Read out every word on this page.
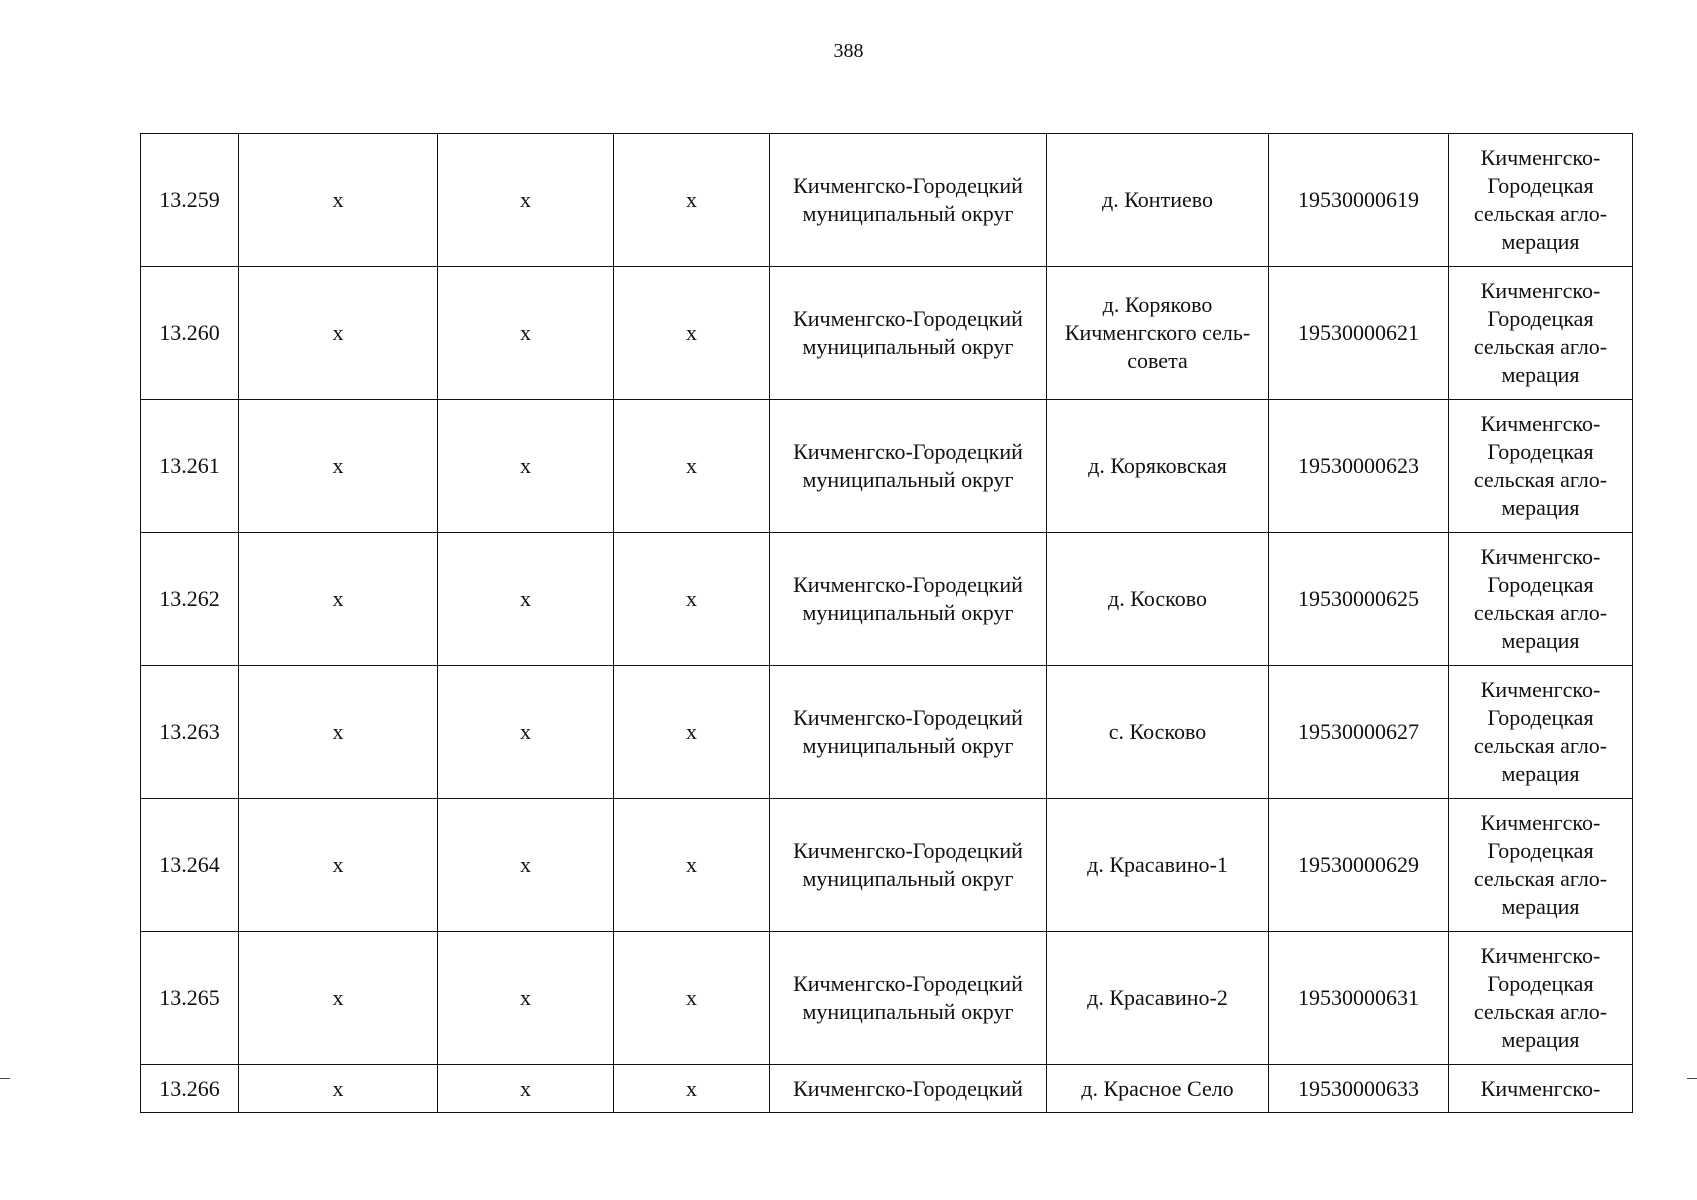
388
13.259	х	х	х	Кичменгско-Городецкий муниципальный округ	д. Контиево	19530000619	Кичменгско-Городецкая сельская агло-мерация
13.260	х	х	х	Кичменгско-Городецкий муниципальный округ	д. Коряково Кичменгского сель-совета	19530000621	Кичменгско-Городецкая сельская агло-мерация
13.261	х	х	х	Кичменгско-Городецкий муниципальный округ	д. Коряковская	19530000623	Кичменгско-Городецкая сельская агло-мерация
13.262	х	х	х	Кичменгско-Городецкий муниципальный округ	д. Косково	19530000625	Кичменгско-Городецкая сельская агло-мерация
13.263	х	х	х	Кичменгско-Городецкий муниципальный округ	с. Косково	19530000627	Кичменгско-Городецкая сельская агло-мерация
13.264	х	х	х	Кичменгско-Городецкий муниципальный округ	д. Красавино-1	19530000629	Кичменгско-Городецкая сельская агло-мерация
13.265	х	х	х	Кичменгско-Городецкий муниципальный округ	д. Красавино-2	19530000631	Кичменгско-Городецкая сельская агло-мерация
13.266	х	х	х	Кичменгско-Городецкий	д. Красное Село	19530000633	Кичменгско-
